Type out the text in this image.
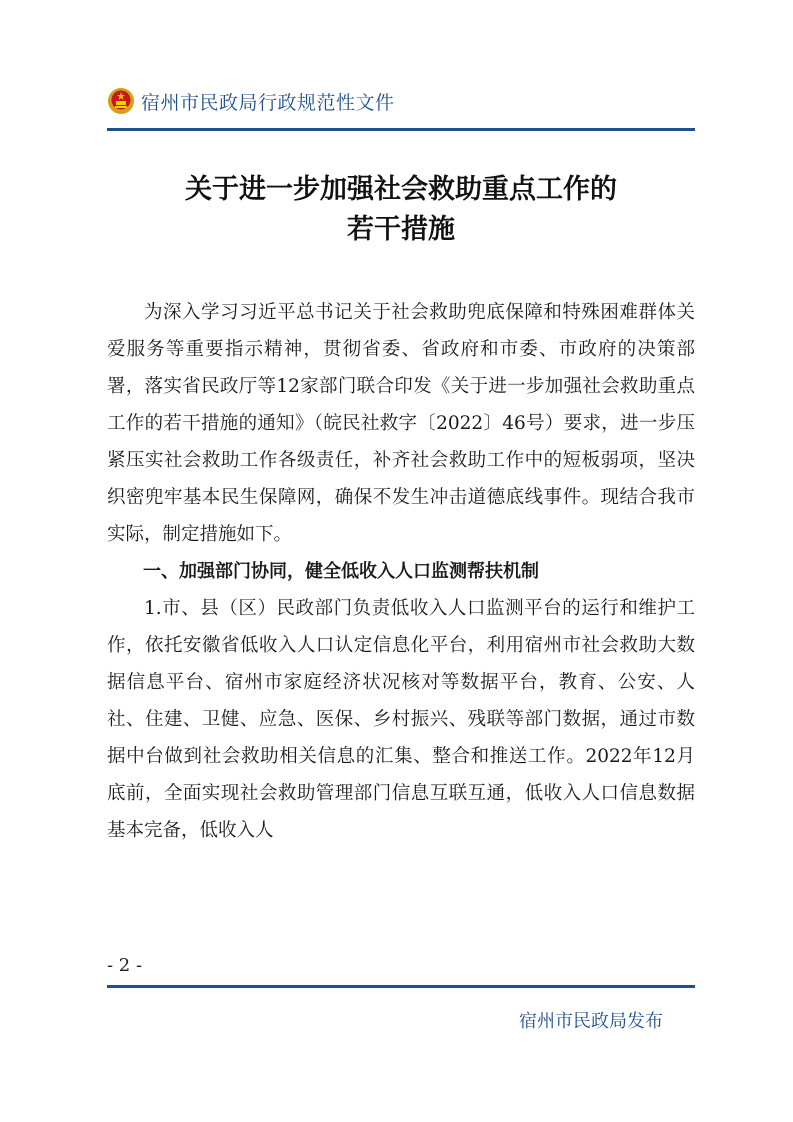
宿州市民政局行政规范性文件
关于进一步加强社会救助重点工作的
若干措施

为深入学习习近平总书记关于社会救助兜底保障和特殊困难群体关爱服务等重要指示精神，贯彻省委、省政府和市委、市政府的决策部署，落实省民政厅等12家部门联合印发《关于进一步加强社会救助重点工作的若干措施的通知》（皖民社救字〔2022〕46号）要求，进一步压紧压实社会救助工作各级责任，补齐社会救助工作中的短板弱项，坚决织密兜牢基本民生保障网，确保不发生冲击道德底线事件。现结合我市实际，制定措施如下。

一、加强部门协同，健全低收入人口监测帮扶机制

1.市、县（区）民政部门负责低收入人口监测平台的运行和维护工作，依托安徽省低收入人口认定信息化平台，利用宿州市社会救助大数据信息平台、宿州市家庭经济状况核对等数据平台，教育、公安、人社、住建、卫健、应急、医保、乡村振兴、残联等部门数据，通过市数据中台做到社会救助相关信息的汇集、整合和推送工作。2022年12月底前，全面实现社会救助管理部门信息互联互通，低收入人口信息数据基本完备，低收入人

- 2 -
宿州市民政局发布
